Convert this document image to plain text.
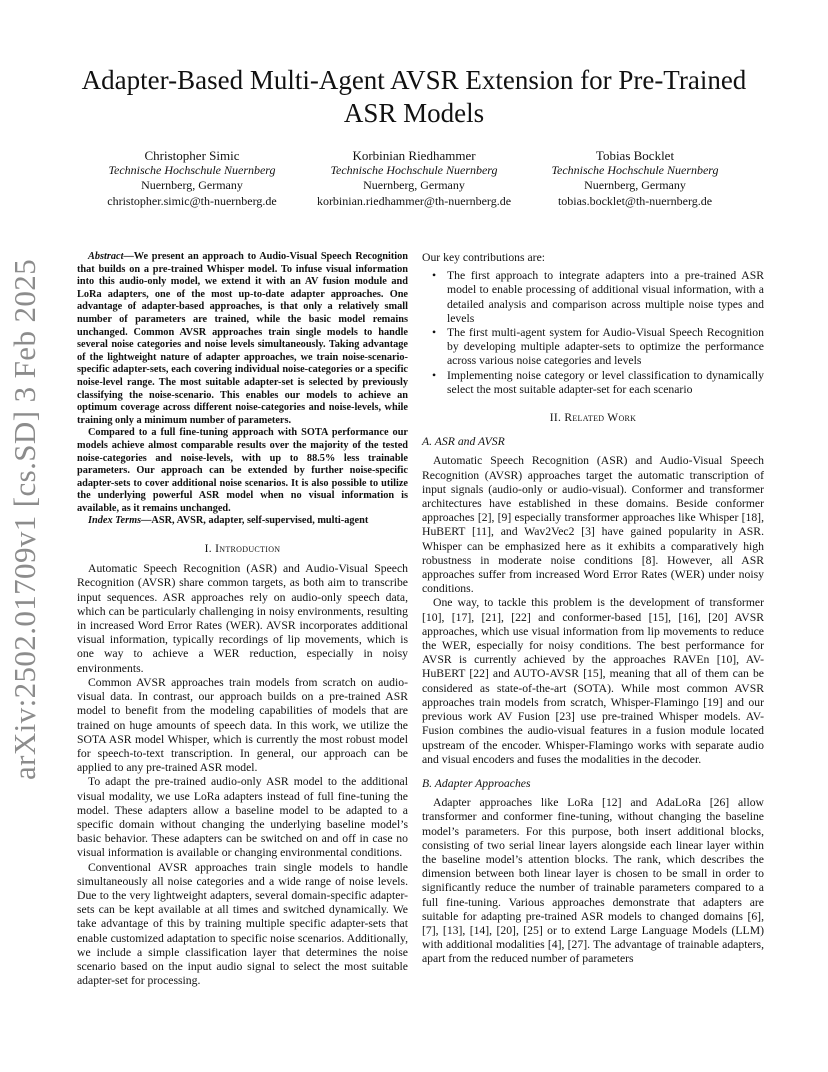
arXiv:2502.01709v1 [cs.SD] 3 Feb 2025
Adapter-Based Multi-Agent AVSR Extension for Pre-Trained ASR Models
Christopher Simic
Technische Hochschule Nuernberg
Nuernberg, Germany
christopher.simic@th-nuernberg.de
Korbinian Riedhammer
Technische Hochschule Nuernberg
Nuernberg, Germany
korbinian.riedhammer@th-nuernberg.de
Tobias Bocklet
Technische Hochschule Nuernberg
Nuernberg, Germany
tobias.bocklet@th-nuernberg.de

Abstract—We present an approach to Audio-Visual Speech Recognition that builds on a pre-trained Whisper model. To infuse visual information into this audio-only model, we extend it with an AV fusion module and LoRa adapters, one of the most up-to-date adapter approaches. One advantage of adapter-based approaches, is that only a relatively small number of parameters are trained, while the basic model remains unchanged. Common AVSR approaches train single models to handle several noise categories and noise levels simultaneously. Taking advantage of the lightweight nature of adapter approaches, we train noise-scenario-specific adapter-sets, each covering individual noise-categories or a specific noise-level range. The most suitable adapter-set is selected by previously classifying the noise-scenario. This enables our models to achieve an optimum coverage across different noise-categories and noise-levels, while training only a minimum number of parameters.

Compared to a full fine-tuning approach with SOTA performance our models achieve almost comparable results over the majority of the tested noise-categories and noise-levels, with up to 88.5% less trainable parameters. Our approach can be extended by further noise-specific adapter-sets to cover additional noise scenarios. It is also possible to utilize the underlying powerful ASR model when no visual information is available, as it remains unchanged.

Index Terms—ASR, AVSR, adapter, self-supervised, multi-agent

I. Introduction

Automatic Speech Recognition (ASR) and Audio-Visual Speech Recognition (AVSR) share common targets, as both aim to transcribe input sequences. ASR approaches rely on audio-only speech data, which can be particularly challenging in noisy environments, resulting in increased Word Error Rates (WER). AVSR incorporates additional visual information, typically recordings of lip movements, which is one way to achieve a WER reduction, especially in noisy environments.

Common AVSR approaches train models from scratch on audio-visual data. In contrast, our approach builds on a pre-trained ASR model to benefit from the modeling capabilities of models that are trained on huge amounts of speech data. In this work, we utilize the SOTA ASR model Whisper, which is currently the most robust model for speech-to-text transcription. In general, our approach can be applied to any pre-trained ASR model.

To adapt the pre-trained audio-only ASR model to the additional visual modality, we use LoRa adapters instead of full fine-tuning the model. These adapters allow a baseline model to be adapted to a specific domain without changing the underlying baseline model’s basic behavior. These adapters can be switched on and off in case no visual information is available or changing environmental conditions.

Conventional AVSR approaches train single models to handle simultaneously all noise categories and a wide range of noise levels. Due to the very lightweight adapters, several domain-specific adapter-sets can be kept available at all times and switched dynamically. We take advantage of this by training multiple specific adapter-sets that enable customized adaptation to specific noise scenarios. Additionally, we include a simple classification layer that determines the noise scenario based on the input audio signal to select the most suitable adapter-set for processing.

Our key contributions are:

• The first approach to integrate adapters into a pre-trained ASR model to enable processing of additional visual information, with a detailed analysis and comparison across multiple noise types and levels
• The first multi-agent system for Audio-Visual Speech Recognition by developing multiple adapter-sets to optimize the performance across various noise categories and levels
• Implementing noise category or level classification to dynamically select the most suitable adapter-set for each scenario
II. Related Work
A. ASR and AVSR

Automatic Speech Recognition (ASR) and Audio-Visual Speech Recognition (AVSR) approaches target the automatic transcription of input signals (audio-only or audio-visual). Conformer and transformer architectures have established in these domains. Beside conformer approaches [2], [9] especially transformer approaches like Whisper [18], HuBERT [11], and Wav2Vec2 [3] have gained popularity in ASR. Whisper can be emphasized here as it exhibits a comparatively high robustness in moderate noise conditions [8]. However, all ASR approaches suffer from increased Word Error Rates (WER) under noisy conditions.

One way, to tackle this problem is the development of transformer [10], [17], [21], [22] and conformer-based [15], [16], [20] AVSR approaches, which use visual information from lip movements to reduce the WER, especially for noisy conditions. The best performance for AVSR is currently achieved by the approaches RAVEn [10], AV-HuBERT [22] and AUTO-AVSR [15], meaning that all of them can be considered as state-of-the-art (SOTA). While most common AVSR approaches train models from scratch, Whisper-Flamingo [19] and our previous work AV Fusion [23] use pre-trained Whisper models. AV-Fusion combines the audio-visual features in a fusion module located upstream of the encoder. Whisper-Flamingo works with separate audio and visual encoders and fuses the modalities in the decoder.

B. Adapter Approaches

Adapter approaches like LoRa [12] and AdaLoRa [26] allow transformer and conformer fine-tuning, without changing the baseline model’s parameters. For this purpose, both insert additional blocks, consisting of two serial linear layers alongside each linear layer within the baseline model’s attention blocks. The rank, which describes the dimension between both linear layer is chosen to be small in order to significantly reduce the number of trainable parameters compared to a full fine-tuning. Various approaches demonstrate that adapters are suitable for adapting pre-trained ASR models to changed domains [6], [7], [13], [14], [20], [25] or to extend Large Language Models (LLM) with additional modalities [4], [27]. The advantage of trainable adapters, apart from the reduced number of parameters
